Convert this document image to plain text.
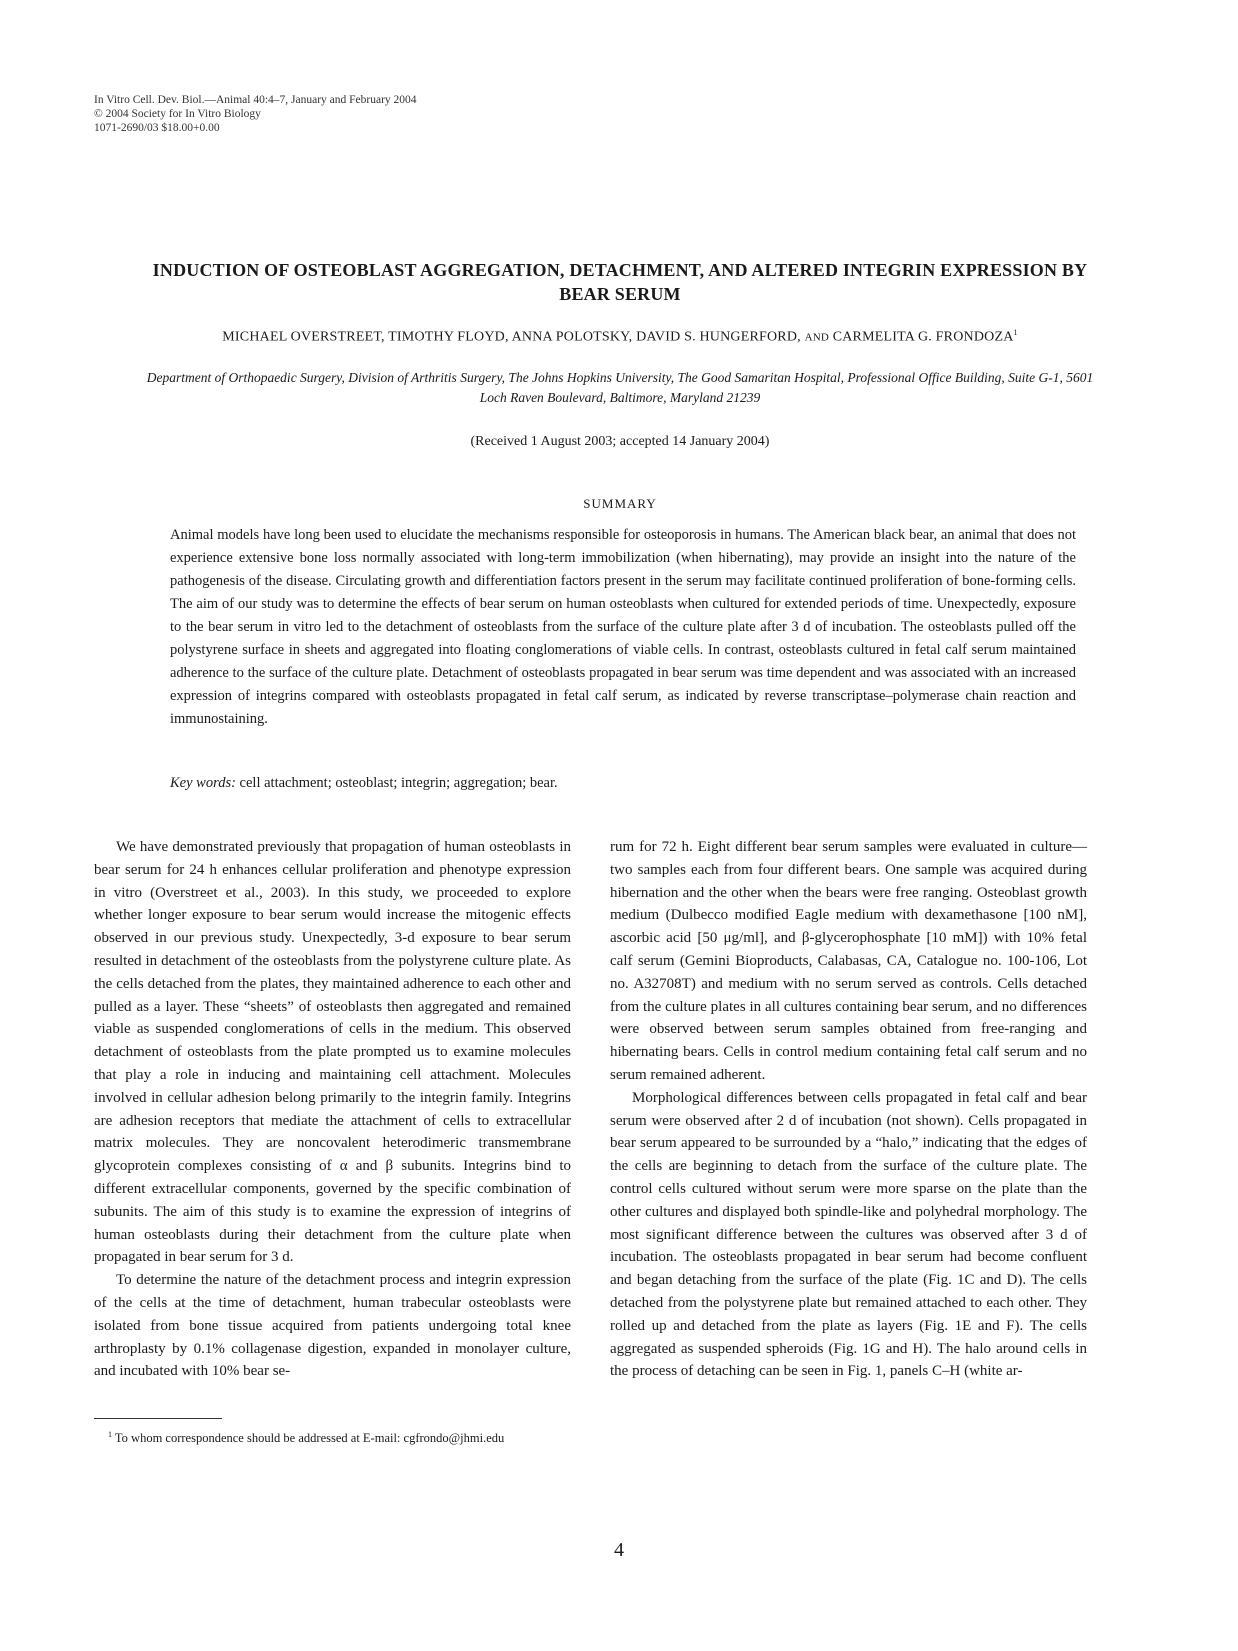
In Vitro Cell. Dev. Biol.—Animal 40:4–7, January and February 2004
© 2004 Society for In Vitro Biology
1071-2690/03 $18.00+0.00
INDUCTION OF OSTEOBLAST AGGREGATION, DETACHMENT, AND ALTERED INTEGRIN EXPRESSION BY BEAR SERUM
MICHAEL OVERSTREET, TIMOTHY FLOYD, ANNA POLOTSKY, DAVID S. HUNGERFORD, AND CARMELITA G. FRONDOZA$^1$
Department of Orthopaedic Surgery, Division of Arthritis Surgery, The Johns Hopkins University, The Good Samaritan Hospital, Professional Office Building, Suite G-1, 5601 Loch Raven Boulevard, Baltimore, Maryland 21239
(Received 1 August 2003; accepted 14 January 2004)
SUMMARY

Animal models have long been used to elucidate the mechanisms responsible for osteoporosis in humans. The American black bear, an animal that does not experience extensive bone loss normally associated with long-term immobilization (when hibernating), may provide an insight into the nature of the pathogenesis of the disease. Circulating growth and differentiation factors present in the serum may facilitate continued proliferation of bone-forming cells. The aim of our study was to determine the effects of bear serum on human osteoblasts when cultured for extended periods of time. Unexpectedly, exposure to the bear serum in vitro led to the detachment of osteoblasts from the surface of the culture plate after 3 d of incubation. The osteoblasts pulled off the polystyrene surface in sheets and aggregated into floating conglomerations of viable cells. In contrast, osteoblasts cultured in fetal calf serum maintained adherence to the surface of the culture plate. Detachment of osteoblasts propagated in bear serum was time dependent and was associated with an increased expression of integrins compared with osteoblasts propagated in fetal calf serum, as indicated by reverse transcriptase–polymerase chain reaction and immunostaining.

Key words: cell attachment; osteoblast; integrin; aggregation; bear.

We have demonstrated previously that propagation of human osteoblasts in bear serum for 24 h enhances cellular proliferation and phenotype expression in vitro (Overstreet et al., 2003). In this study, we proceeded to explore whether longer exposure to bear serum would increase the mitogenic effects observed in our previous study. Unexpectedly, 3-d exposure to bear serum resulted in detachment of the osteoblasts from the polystyrene culture plate. As the cells detached from the plates, they maintained adherence to each other and pulled as a layer. These “sheets” of osteoblasts then aggregated and remained viable as suspended conglomerations of cells in the medium. This observed detachment of osteoblasts from the plate prompted us to examine molecules that play a role in inducing and maintaining cell attachment. Molecules involved in cellular adhesion belong primarily to the integrin family. Integrins are adhesion receptors that mediate the attachment of cells to extracellular matrix molecules. They are noncovalent heterodimeric transmembrane glycoprotein complexes consisting of α and β subunits. Integrins bind to different extracellular components, governed by the specific combination of subunits. The aim of this study is to examine the expression of integrins of human osteoblasts during their detachment from the culture plate when propagated in bear serum for 3 d.

To determine the nature of the detachment process and integrin expression of the cells at the time of detachment, human trabecular osteoblasts were isolated from bone tissue acquired from patients undergoing total knee arthroplasty by 0.1% collagenase digestion, expanded in monolayer culture, and incubated with 10% bear se-

rum for 72 h. Eight different bear serum samples were evaluated in culture—two samples each from four different bears. One sample was acquired during hibernation and the other when the bears were free ranging. Osteoblast growth medium (Dulbecco modified Eagle medium with dexamethasone [100 nM], ascorbic acid [50 μg/ml], and β-glycerophosphate [10 mM]) with 10% fetal calf serum (Gemini Bioproducts, Calabasas, CA, Catalogue no. 100-106, Lot no. A32708T) and medium with no serum served as controls. Cells detached from the culture plates in all cultures containing bear serum, and no differences were observed between serum samples obtained from free-ranging and hibernating bears. Cells in control medium containing fetal calf serum and no serum remained adherent.

Morphological differences between cells propagated in fetal calf and bear serum were observed after 2 d of incubation (not shown). Cells propagated in bear serum appeared to be surrounded by a “halo,” indicating that the edges of the cells are beginning to detach from the surface of the culture plate. The control cells cultured without serum were more sparse on the plate than the other cultures and displayed both spindle-like and polyhedral morphology. The most significant difference between the cultures was observed after 3 d of incubation. The osteoblasts propagated in bear serum had become confluent and began detaching from the surface of the plate (Fig. 1C and D). The cells detached from the polystyrene plate but remained attached to each other. They rolled up and detached from the plate as layers (Fig. 1E and F). The cells aggregated as suspended spheroids (Fig. 1G and H). The halo around cells in the process of detaching can be seen in Fig. 1, panels C–H (white ar-

$^1$ To whom correspondence should be addressed at E-mail: cgfrondo@jhmi.edu
4
